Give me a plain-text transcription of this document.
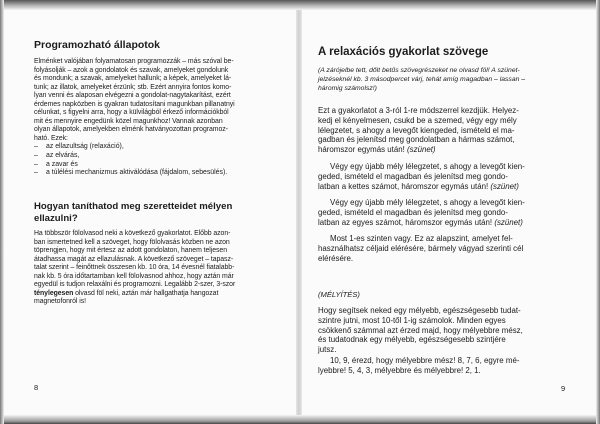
Programozható állapotok

Elménket valójában folyamatosan programozzák – más szóval be-

folyásolják – azok a gondolatok és szavak, amelyeket gondolunk

és mondunk; a szavak, amelyeket hallunk; a képek, amelyeket lá-

tunk; az illatok, amelyeket érzünk; stb. Ezért annyira fontos komo-

lyan venni és alaposan elvégezni a gondolat-nagytakarítást, ezért

érdemes napközben is gyakran tudatosítani magunkban pillanatnyi

célunkat, s figyelni arra, hogy a külvilágból érkező információkból

mit és mennyire engedünk közel magunkhoz! Vannak azonban

olyan állapotok, amelyekben elménk hatványozottan programoz-

ható. Ezek:

–	az ellazultság (relaxáció),
–	az elvárás,
–	a zavar és
–	a túlélési mechanizmus aktiválódása (fájdalom, sebesülés).
Hogyan taníthatod meg szeretteidet mélyen
ellazulni?

Ha többször fölolvasod neki a következő gyakorlatot. Előbb azon-

ban ismertetned kell a szöveget, hogy fölolvasás közben ne azon

töprengjen, hogy mit értesz az adott gondolaton, hanem teljesen

átadhassa magát az ellazulásnak. A következő szöveget – tapasz-

talat szerint – feinőttnek összesen kb. 10 óra, 14 évesnél fiatalabb-

nak kb. 5 óra időtartamban kell fölolvasnod ahhoz, hogy aztán már

egyedül is tudjon relaxálni és programozni. Legalább 2-szer, 3-szor

ténylegesen olvasd föl neki, aztán már hallgathatja hangozat

magnetofonról is!

8
A relaxációs gyakorlat szövege

(A zárójelbe tett, dőlt betűs szövegrészeket ne olvasd föl! A szünet-

jelzéseknél kb. 3 másodpercet várj, tehát amíg magadban – lassan –

háromig számolsz!)

Ezt a gyakorlatot a 3-ról 1-re módszerrel kezdjük. Helyez-

kedj el kényelmesen, csukd be a szemed, végy egy mély

lélegzetet, s ahogy a levegőt kiengeded, ismételd el ma-

gadban és jelenítsd meg gondolatban a hármas számot,

háromszor egymás után! (szünet)

Végy egy újabb mély lélegzetet, s ahogy a levegőt kien-

geded, ismételd el magadban és jelenítsd meg gondo-

latban a kettes számot, háromszor egymás után! (szünet)

Végy egy újabb mély lélegzetet, s ahogy a levegőt kien-

geded, ismételd el magadban és jelenítsd meg gondo-

latban az egyes számot, háromszor egymás után! (szünet)

Most 1-es szinten vagy. Ez az alapszint, amelyet fel-

használhatsz céljaid elérésére, bármely vágyad szerinti cél

elérésére.

(MÉLYÍTÉS)

Hogy segítsek neked egy mélyebb, egészségesebb tudat-

szintre jutni, most 10-től 1-ig számolok. Minden egyes

csökkenő számmal azt érzed majd, hogy mélyebbre mész,

és tudatodnak egy mélyebb, egészségesebb szintjére

jutsz.

10, 9, érezd, hogy mélyebbre mész! 8, 7, 6, egyre mé-

lyebbre! 5, 4, 3, mélyebbre és mélyebbre! 2, 1.

9
